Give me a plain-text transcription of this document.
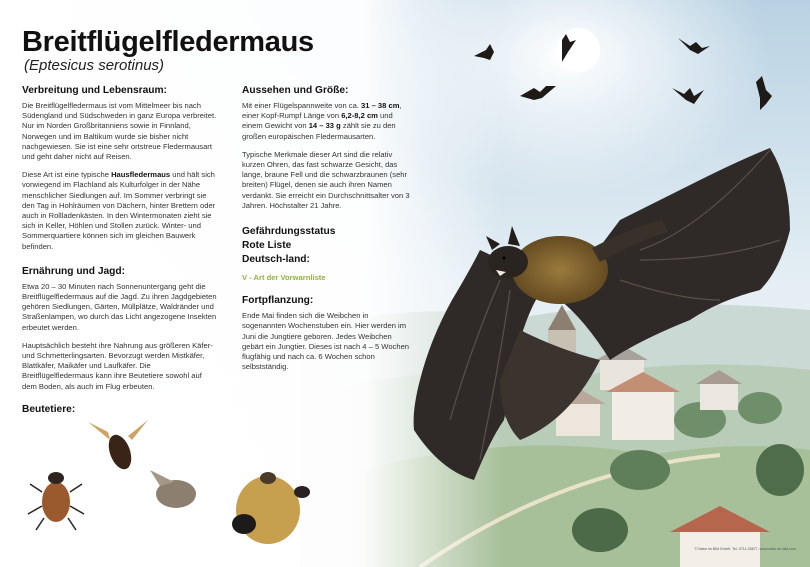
Breitflügelfledermaus
(Eptesicus serotinus)
Verbreitung und Lebensraum:

Die Breitflügelfledermaus ist vom Mittelmeer bis nach Südengland und Südschweden in ganz Europa verbreitet. Nur im Norden Großbritanniens sowie in Finnland, Norwegen und im Baltikum wurde sie bisher nicht nachgewiesen. Sie ist eine sehr ortstreue Fledermausart und geht daher nicht auf Reisen.

Diese Art ist eine typische Hausfledermaus und hält sich vorwiegend im Flachland als Kulturfolger in der Nähe menschlicher Siedlungen auf. Im Sommer verbringt sie den Tag in Hohlräumen von Dächern, hinter Brettern oder auch in Rollladenkästen. In den Wintermonaten zieht sie sich in Keller, Höhlen und Stollen zurück. Winter- und Sommerquartiere können sich im gleichen Bauwerk befinden.

Ernährung und Jagd:

Etwa 20 – 30 Minuten nach Sonnenuntergang geht die Breitflügelfledermaus auf die Jagd. Zu ihren Jagdgebieten gehören Siedlungen, Gärten, Müllplätze, Waldränder und Straßenlampen, wo durch das Licht angezogene Insekten erbeutet werden.

Hauptsächlich besteht ihre Nahrung aus größeren Käfer- und Schmetterlingsarten. Bevorzugt werden Mistkäfer, Blattkäfer, Maikäfer und Laufkäfer. Die Breitflügelfledermaus kann ihre Beutetiere sowohl auf dem Boden, als auch im Flug erbeuten.

Beutetiere:
Aussehen und Größe:

Mit einer Flügelspannweite von ca. 31 – 38 cm, einer Kopf-Rumpf Länge von 6,2-8,2 cm und einem Gewicht von 14 – 33 g zählt sie zu den großen europäischen Fledermausarten.

Typische Merkmale dieser Art sind die relativ kurzen Ohren, das fast schwarze Gesicht, das lange, braune Fell und die schwarzbraunen (sehr breiten) Flügel, denen sie auch ihren Namen verdankt. Sie erreicht ein Durchschnittsalter von 3 Jahren. Höchstalter 21 Jahre.

Gefährdungsstatus Rote Liste Deutsch-land:
V - Art der Vorwarnliste
Fortpflanzung:

Ende Mai finden sich die Weibchen in sogenannten Wochenstuben ein. Hier werden im Juni die Jungtiere geboren. Jedes Weibchen gebärt ein Jungtier. Dieses ist nach 4 – 5 Wochen flugfähig und nach ca. 6 Wochen schon selbstständig.

© Natur im Bild GmbH, Tel. 0711-25877, www.natur-im-bild.com
